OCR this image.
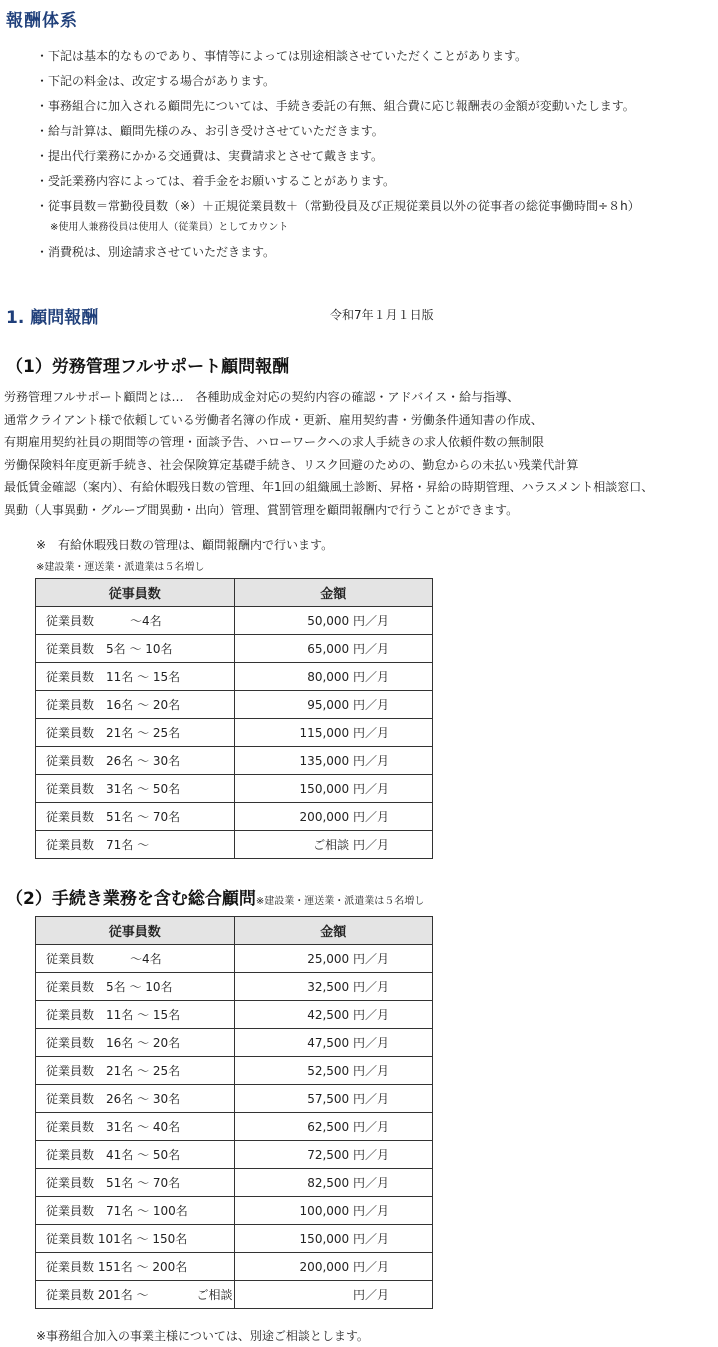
報酬体系
・下記は基本的なものであり、事情等によっては別途相談させていただくことがあります。
・下記の料金は、改定する場合があります。
・事務組合に加入される顧問先については、手続き委託の有無、組合費に応じ報酬表の金額が変動いたします。
・給与計算は、顧問先様のみ、お引き受けさせていただきます。
・提出代行業務にかかる交通費は、実費請求とさせて戴きます。
・受託業務内容によっては、着手金をお願いすることがあります。
・従事員数＝常勤役員数（※）＋正規従業員数＋（常勤役員及び正規従業員以外の従事者の総従事働時間÷８h）
※使用人兼務役員は使用人（従業員）としてカウント
・消費税は、別途請求させていただきます。
1. 顧問報酬	令和7年１月１日版
（1）労務管理フルサポート顧問報酬
労務管理フルサポート顧問とは…　各種助成金対応の契約内容の確認・アドバイス・給与指導、
通常クライアント様で依頼している労働者名簿の作成・更新、雇用契約書・労働条件通知書の作成、
有期雇用契約社員の期間等の管理・面談予告、ハローワークへの求人手続きの求人依頼件数の無制限
労働保険料年度更新手続き、社会保険算定基礎手続き、リスク回避のための、勤怠からの未払い残業代計算
最低賃金確認（案内）、有給休暇残日数の管理、年1回の組織風土診断、昇格・昇給の時期管理、ハラスメント相談窓口、
異動（人事異動・グループ間異動・出向）管理、賞罰管理を顧問報酬内で行うことができます。
※　有給休暇残日数の管理は、顧問報酬内で行います。
※建設業・運送業・派遣業は５名増し
従事員数	金額
従業員数　　　～4名	50,000 円／月
従業員数　5名 ～ 10名	65,000 円／月
従業員数　11名 ～ 15名	80,000 円／月
従業員数　16名 ～ 20名	95,000 円／月
従業員数　21名 ～ 25名	115,000 円／月
従業員数　26名 ～ 30名	135,000 円／月
従業員数　31名 ～ 50名	150,000 円／月
従業員数　51名 ～ 70名	200,000 円／月
従業員数　71名 ～	ご相談 円／月
（2）手続き業務を含む総合顧問※建設業・運送業・派遣業は５名増し
従事員数	金額
従業員数　　　～4名	25,000 円／月
従業員数　5名 ～ 10名	32,500 円／月
従業員数　11名 ～ 15名	42,500 円／月
従業員数　16名 ～ 20名	47,500 円／月
従業員数　21名 ～ 25名	52,500 円／月
従業員数　26名 ～ 30名	57,500 円／月
従業員数　31名 ～ 40名	62,500 円／月
従業員数　41名 ～ 50名	72,500 円／月
従業員数　51名 ～ 70名	82,500 円／月
従業員数　71名 ～ 100名	100,000 円／月
従業員数 101名 ～ 150名	150,000 円／月
従業員数 151名 ～ 200名	200,000 円／月
従業員数 201名 ～　　　　ご相談	円／月
※事務組合加入の事業主様については、別途ご相談とします。
